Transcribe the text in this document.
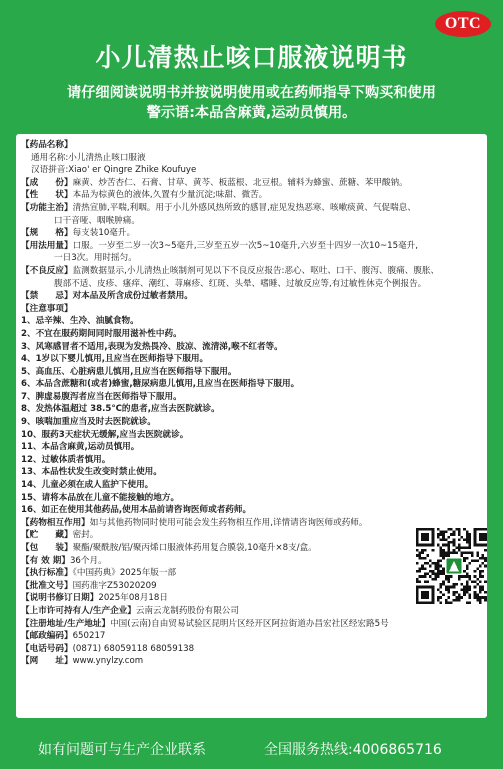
OTC
小儿清热止咳口服液说明书
请仔细阅读说明书并按说明使用或在药师指导下购买和使用
警示语:本品含麻黄,运动员慎用。
【药品名称】
通用名称:小儿清热止咳口服液
汉语拼音:Xiao' er Qingre Zhike Koufuye
【成　　份】麻黄、炒苦杏仁、石膏、甘草、黄芩、板蓝根、北豆根。辅料为蜂蜜、蔗糖、苯甲酸钠。
【性　　状】本品为棕黄色的液体,久置有少量沉淀;味甜、微苦。
【功能主治】清热宣肺,平喘,利咽。用于小儿外感风热所致的感冒,症见发热恶寒、咳嗽痰黄、气促喘息、
口干音哑、咽喉肿痛。
【规　　格】每支装10毫升。
【用法用量】口服。一岁至二岁一次3~5毫升,三岁至五岁一次5~10毫升,六岁至十四岁一次10~15毫升,
一日3次。用时摇匀。
【不良反应】监测数据显示,小儿清热止咳制剂可见以下不良反应报告:恶心、呕吐、口干、腹泻、腹痛、腹胀、
腹部不适、皮疹、瘙痒、潮红、荨麻疹、红斑、头晕、嗜睡、过敏反应等,有过敏性休克个例报告。
【禁　　忌】对本品及所含成份过敏者禁用。
【注意事项】
1、忌辛辣、生冷、油腻食物。
2、不宜在服药期间同时服用滋补性中药。
3、风寒感冒者不适用,表现为发热畏冷、肢凉、流清涕,喉不红者等。
4、1岁以下婴儿慎用,且应当在医师指导下服用。
5、高血压、心脏病患儿慎用,且应当在医师指导下服用。
6、本品含蔗糖和(或者)蜂蜜,糖尿病患儿慎用,且应当在医师指导下服用。
7、脾虚易腹泻者应当在医师指导下服用。
8、发热体温超过 38.5°C的患者,应当去医院就诊。
9、咳喘加重应当及时去医院就诊。
10、服药3天症状无缓解,应当去医院就诊。
11、本品含麻黄,运动员慎用。
12、过敏体质者慎用。
13、本品性状发生改变时禁止使用。
14、儿童必须在成人监护下使用。
15、请将本品放在儿童不能接触的地方。
16、如正在使用其他药品,使用本品前请咨询医师或者药师。
【药物相互作用】如与其他药物同时使用可能会发生药物相互作用,详情请咨询医师或药师。
【贮　　藏】密封。
【包　　装】聚酯/聚酰胺/铝/聚丙烯口服液体药用复合膜袋,10毫升×8支/盒。
【有 效 期】36个月。
【执行标准】《中国药典》2025年版一部
【批准文号】国药准字Z53020209
【说明书修订日期】2025年08月18日
【上市许可持有人/生产企业】云南云龙制药股份有限公司
【注册地址/生产地址】中国(云南)自由贸易试验区昆明片区经开区阿拉街道办昌宏社区经宏路5号
【邮政编码】650217
【电话号码】(0871) 68059118 68059138
【网　　址】www.ynylzy.com
如有问题可与生产企业联系	全国服务热线:4006865716
